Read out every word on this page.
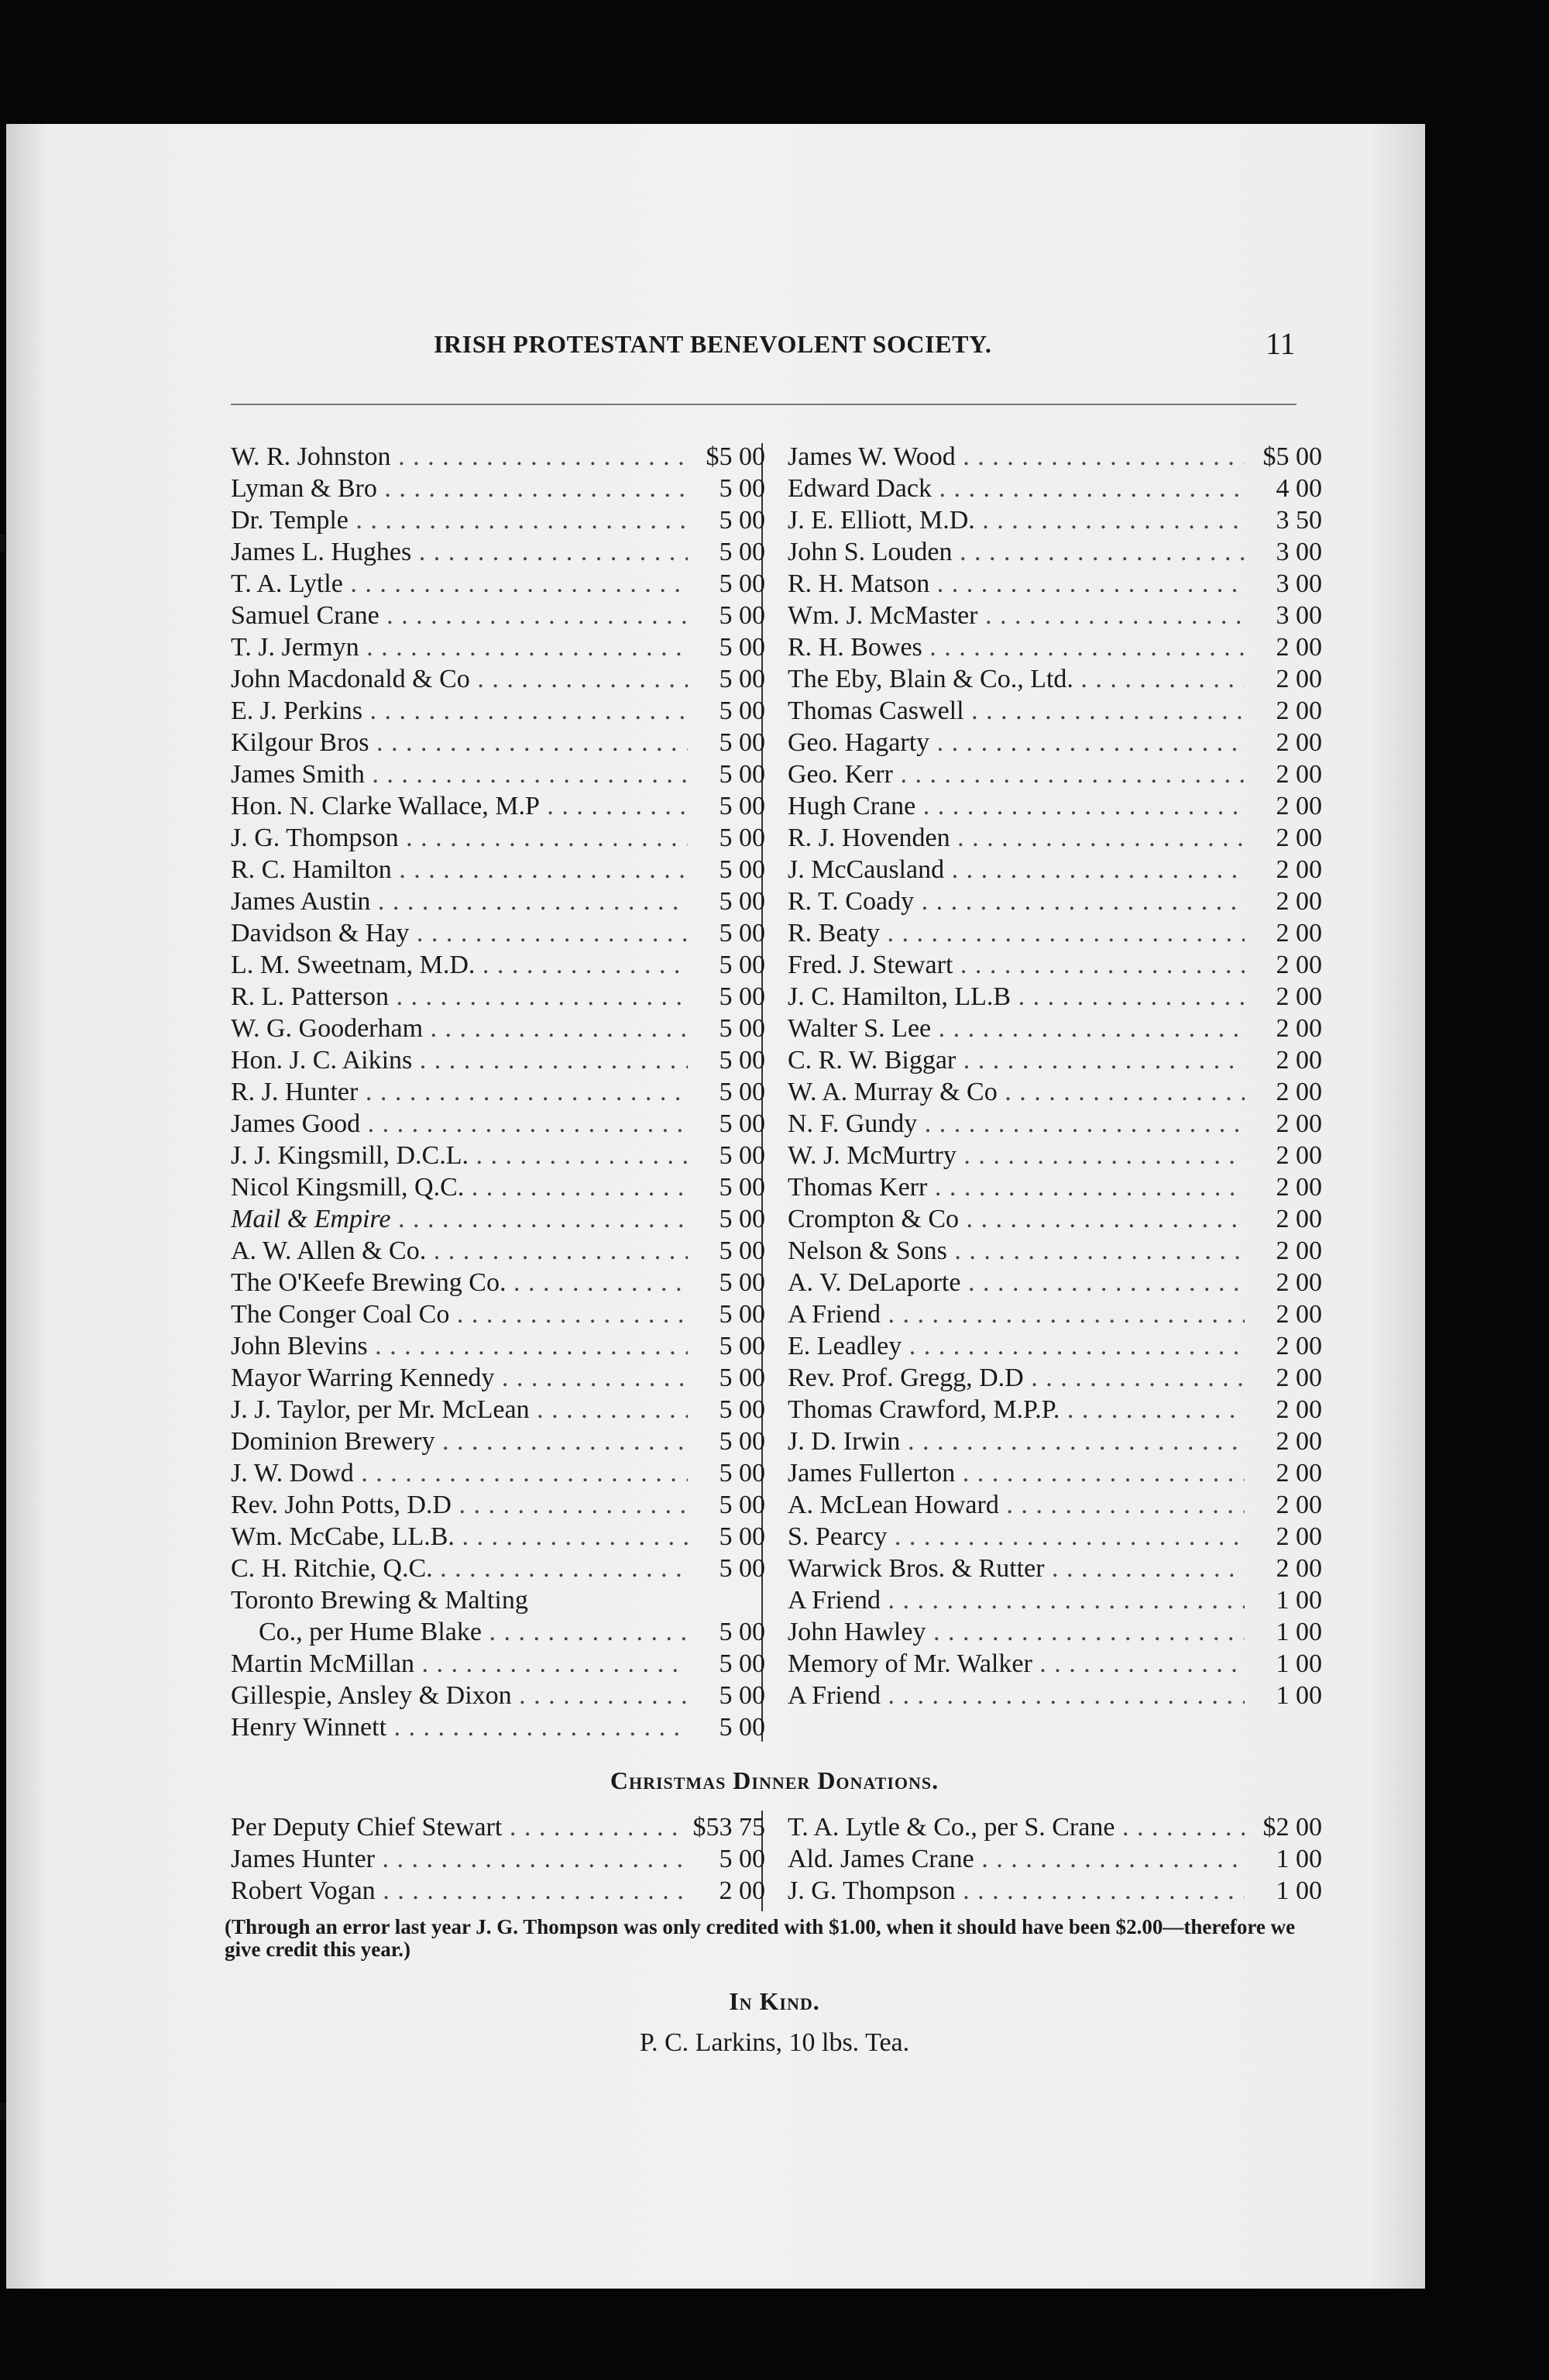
IRISH PROTESTANT BENEVOLENT SOCIETY.	11
W. R. Johnston . . .	$5 00
Lyman & Bro . . .	5 00
Dr. Temple . . .	5 00
James L. Hughes . . .	5 00
T. A. Lytle . . .	5 00
Samuel Crane . . .	5 00
T. J. Jermyn . . .	5 00
John Macdonald & Co . . .	5 00
E. J. Perkins . . .	5 00
Kilgour Bros . . .	5 00
James Smith . . .	5 00
Hon. N. Clarke Wallace, M.P . . .	5 00
J. G. Thompson . . .	5 00
R. C. Hamilton . . .	5 00
James Austin . . .	5 00
Davidson & Hay . . .	5 00
L. M. Sweetnam, M.D. . . .	5 00
R. L. Patterson . . .	5 00
W. G. Gooderham . . .	5 00
Hon. J. C. Aikins . . .	5 00
R. J. Hunter . . .	5 00
James Good . . .	5 00
J. J. Kingsmill, D.C.L. . . .	5 00
Nicol Kingsmill, Q.C. . . .	5 00
Mail & Empire . . .	5 00
A. W. Allen & Co. . . .	5 00
The O'Keefe Brewing Co. . . .	5 00
The Conger Coal Co . . .	5 00
John Blevins . . .	5 00
Mayor Warring Kennedy . . .	5 00
J. J. Taylor, per Mr. McLean . . .	5 00
Dominion Brewery . . .	5 00
J. W. Dowd . . .	5 00
Rev. John Potts, D.D . . .	5 00
Wm. McCabe, LL.B. . . .	5 00
C. H. Ritchie, Q.C. . . .	5 00
Toronto Brewing & Malting
Co., per Hume Blake . . .	5 00
Martin McMillan . . .	5 00
Gillespie, Ansley & Dixon . . .	5 00
Henry Winnett . . .	5 00
James W. Wood . . .	$5 00
Edward Dack . . .	4 00
J. E. Elliott, M.D. . . .	3 50
John S. Louden . . .	3 00
R. H. Matson . . .	3 00
Wm. J. McMaster . . .	3 00
R. H. Bowes . . .	2 00
The Eby, Blain & Co., Ltd. . . .	2 00
Thomas Caswell . . .	2 00
Geo. Hagarty . . .	2 00
Geo. Kerr . . .	2 00
Hugh Crane . . .	2 00
R. J. Hovenden . . .	2 00
J. McCausland . . .	2 00
R. T. Coady . . .	2 00
R. Beaty . . .	2 00
Fred. J. Stewart . . .	2 00
J. C. Hamilton, LL.B . . .	2 00
Walter S. Lee . . .	2 00
C. R. W. Biggar . . .	2 00
W. A. Murray & Co . . .	2 00
N. F. Gundy . . .	2 00
W. J. McMurtry . . .	2 00
Thomas Kerr . . .	2 00
Crompton & Co . . .	2 00
Nelson & Sons . . .	2 00
A. V. DeLaporte . . .	2 00
A Friend . . .	2 00
E. Leadley . . .	2 00
Rev. Prof. Gregg, D.D . . .	2 00
Thomas Crawford, M.P.P. . . .	2 00
J. D. Irwin . . .	2 00
James Fullerton . . .	2 00
A. McLean Howard . . .	2 00
S. Pearcy . . .	2 00
Warwick Bros. & Rutter . . .	2 00
A Friend . . .	1 00
John Hawley . . .	1 00
Memory of Mr. Walker . . .	1 00
A Friend . . .	1 00
Christmas Dinner Donations.
Per Deputy Chief Stewart . . .	$53 75
James Hunter . . .	5 00
Robert Vogan . . .	2 00
T. A. Lytle & Co., per S. Crane . . .	$2 00
Ald. James Crane . . .	1 00
J. G. Thompson . . .	1 00
(Through an error last year J. G. Thompson was only credited with $1.00, when it should have been $2.00—therefore we give credit this year.)
In Kind.
P. C. Larkins, 10 lbs. Tea.
